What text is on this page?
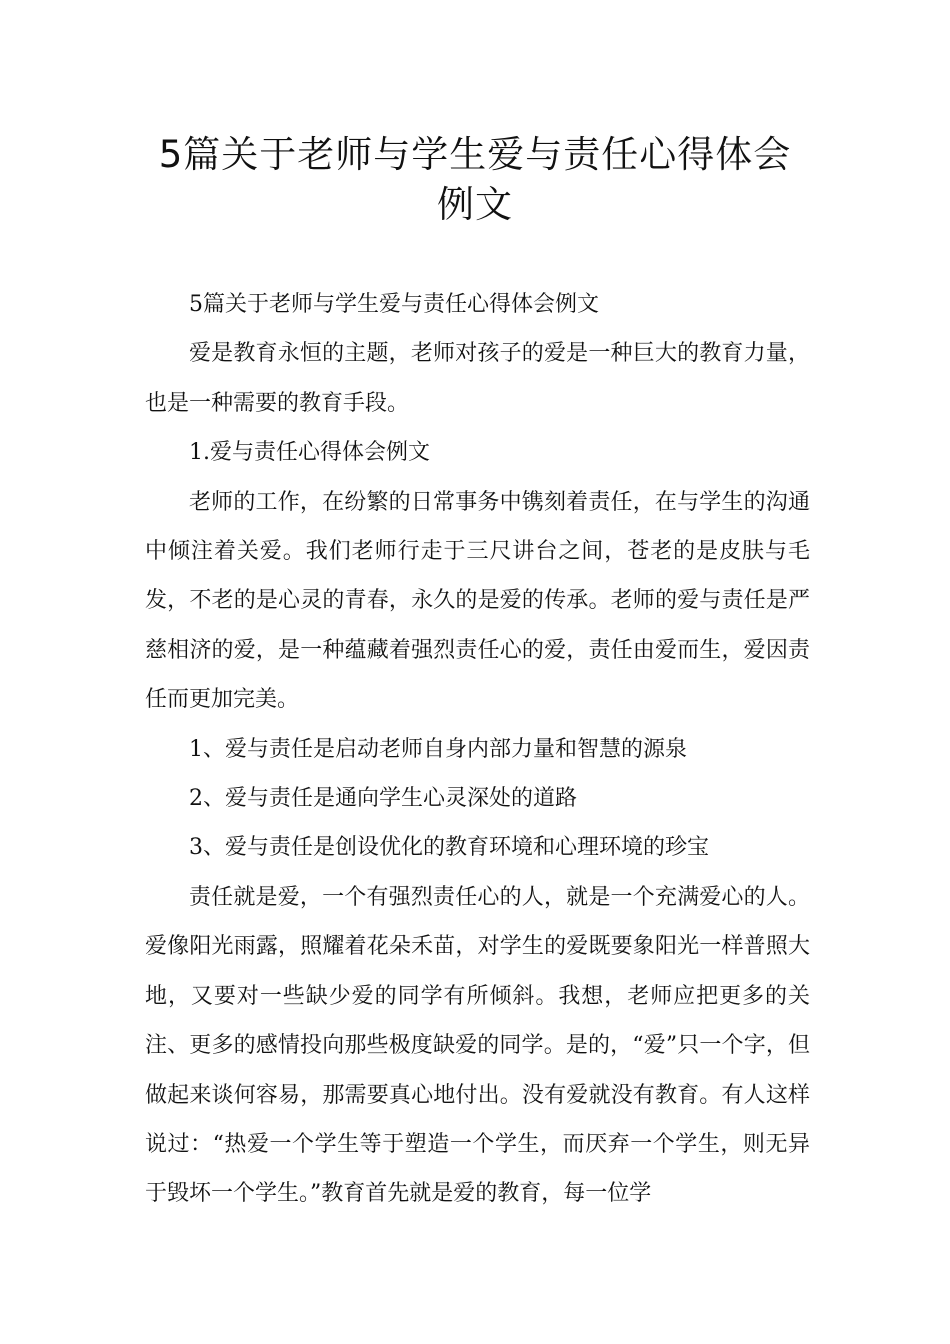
5篇关于老师与学生爱与责任心得体会
例文

5篇关于老师与学生爱与责任心得体会例文

爱是教育永恒的主题，老师对孩子的爱是一种巨大的教育力量，也是一种需要的教育手段。

1.爱与责任心得体会例文

老师的工作，在纷繁的日常事务中镌刻着责任，在与学生的沟通中倾注着关爱。我们老师行走于三尺讲台之间，苍老的是皮肤与毛发，不老的是心灵的青春，永久的是爱的传承。老师的爱与责任是严慈相济的爱，是一种蕴藏着强烈责任心的爱，责任由爱而生，爱因责任而更加完美。

1、爱与责任是启动老师自身内部力量和智慧的源泉

2、爱与责任是通向学生心灵深处的道路

3、爱与责任是创设优化的教育环境和心理环境的珍宝

责任就是爱，一个有强烈责任心的人，就是一个充满爱心的人。爱像阳光雨露，照耀着花朵禾苗，对学生的爱既要象阳光一样普照大地，又要对一些缺少爱的同学有所倾斜。我想，老师应把更多的关注、更多的感情投向那些极度缺爱的同学。是的，“爱”只一个字，但做起来谈何容易，那需要真心地付出。没有爱就没有教育。有人这样说过：“热爱一个学生等于塑造一个学生，而厌弃一个学生，则无异于毁坏一个学生。”教育首先就是爱的教育，每一位学
